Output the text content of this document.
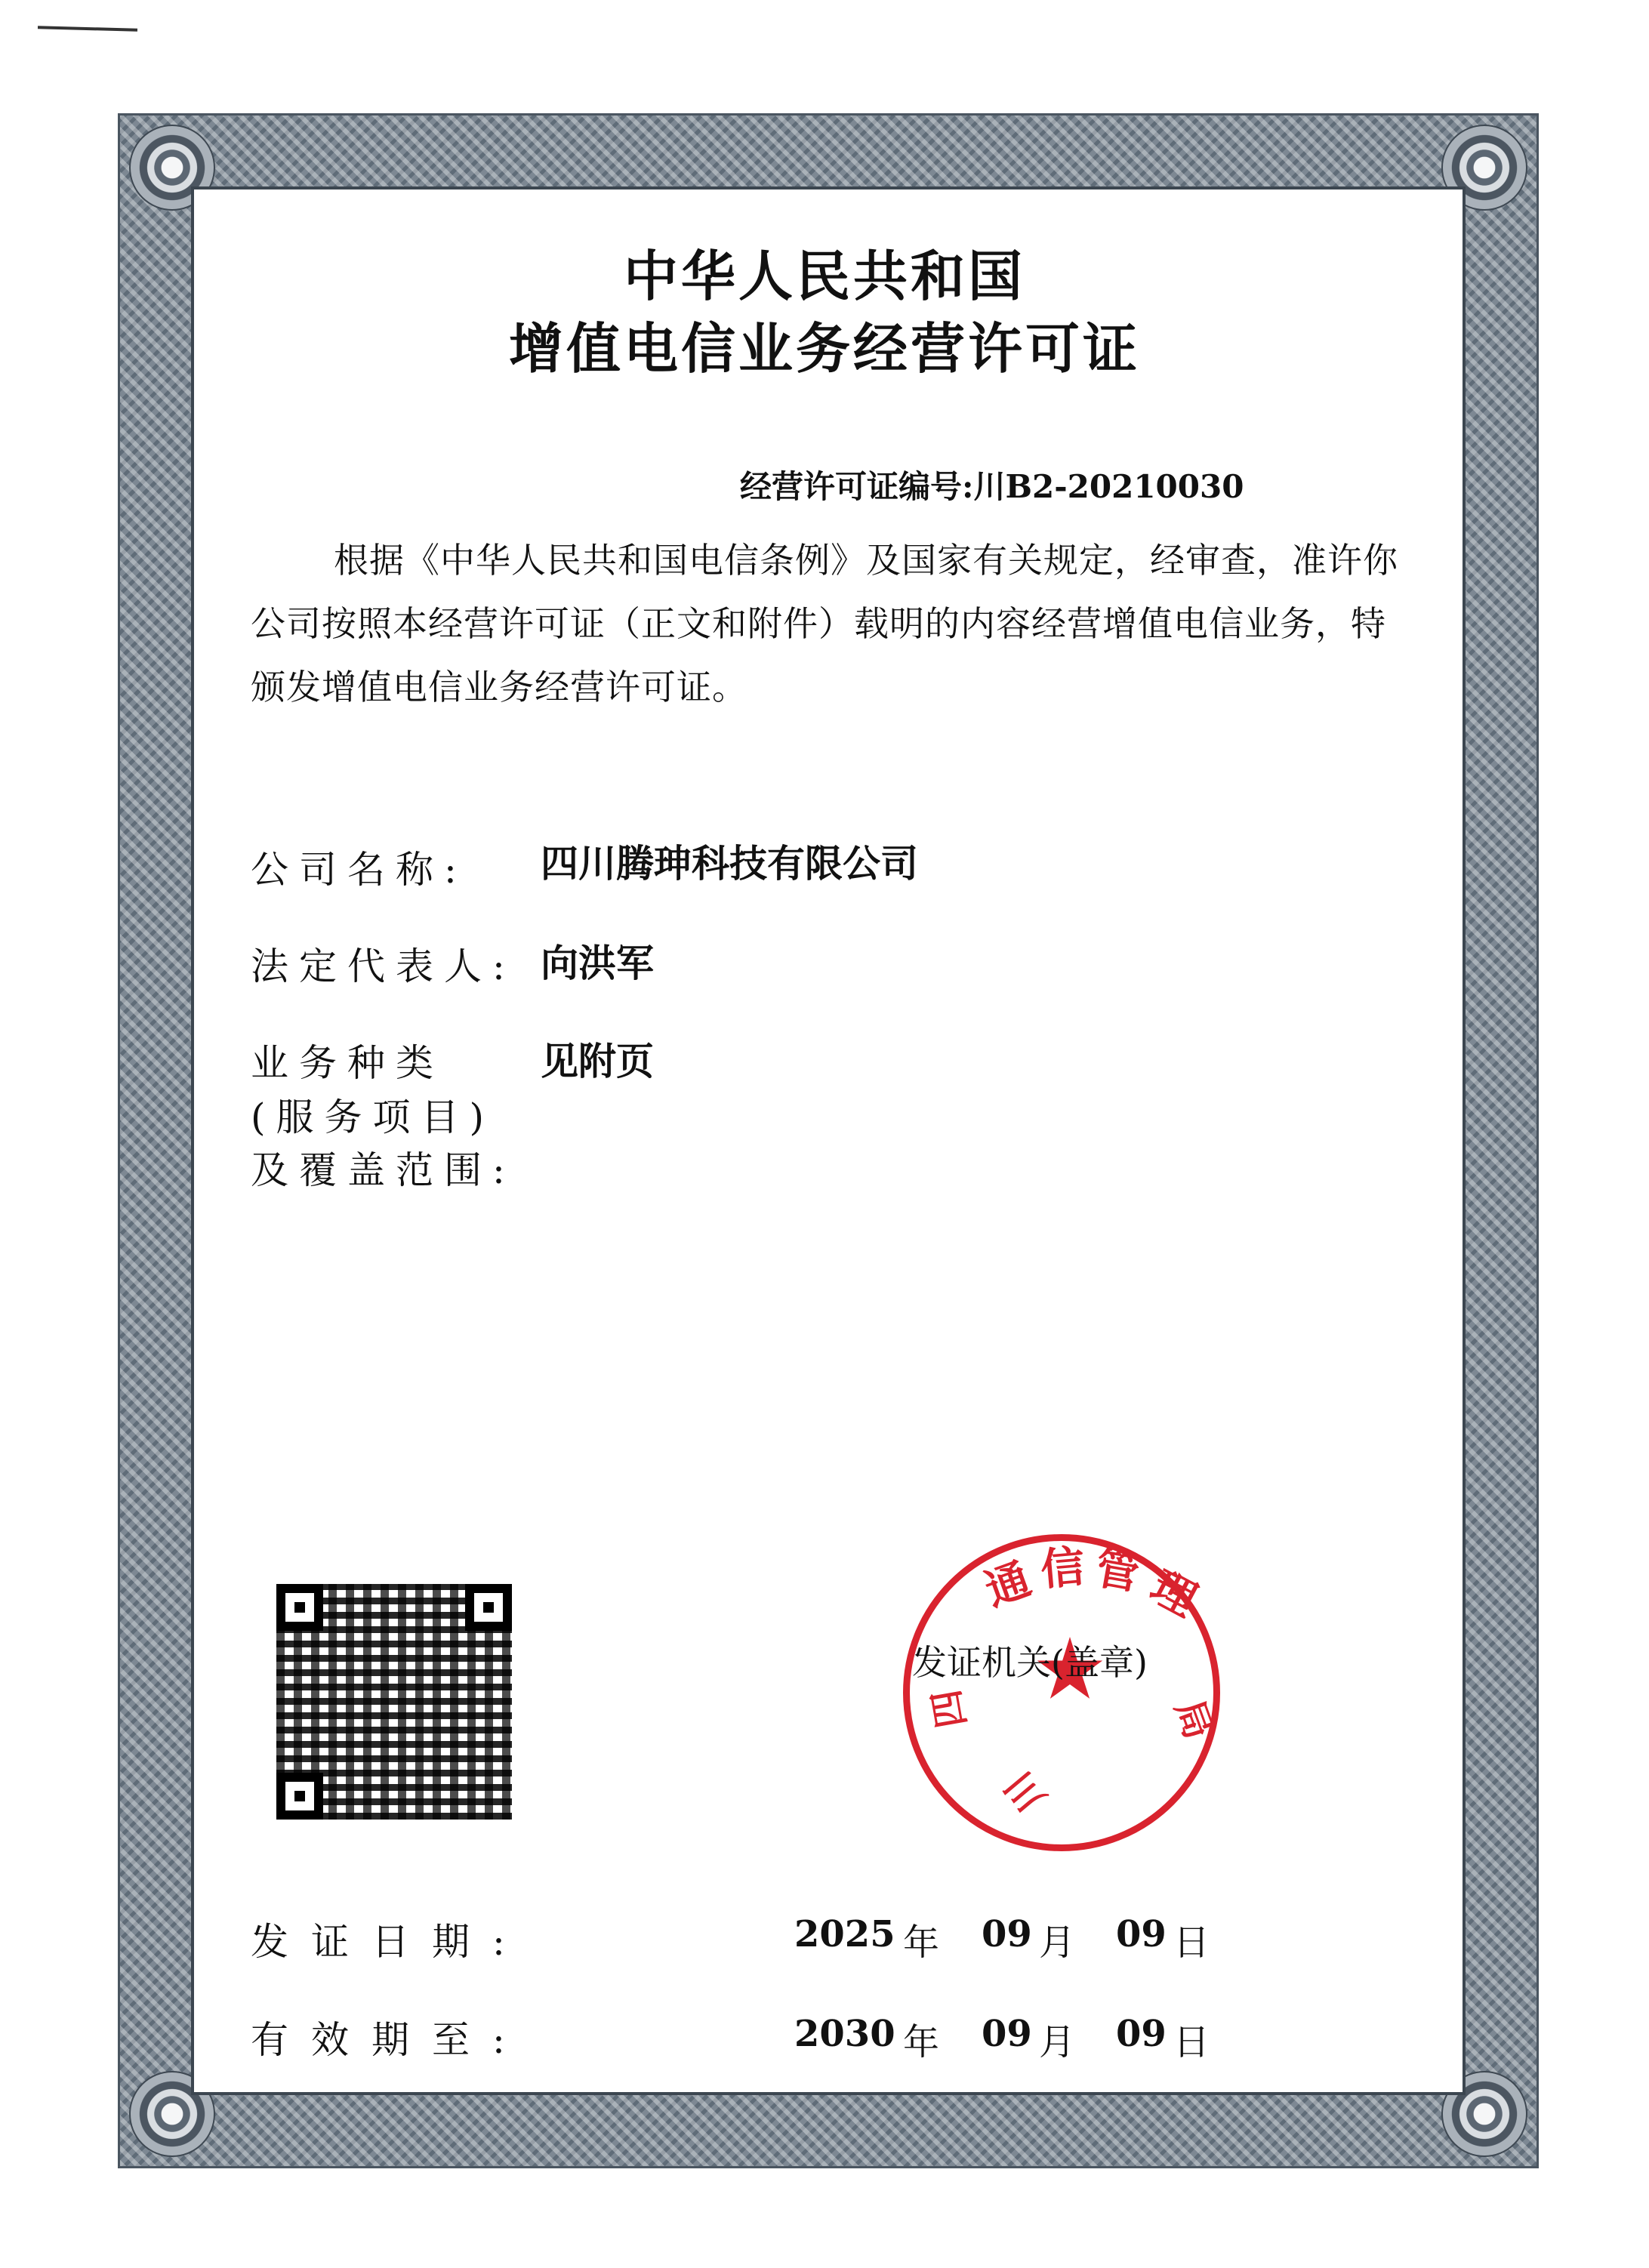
中华人民共和国
增值电信业务经营许可证
经营许可证编号:川B2-20210030
根据《中华人民共和国电信条例》及国家有关规定，经审查，准许你公司按照本经营许可证（正文和附件）载明的内容经营增值电信业务，特颁发增值电信业务经营许可证。
公司名称: 四川腾珅科技有限公司
法定代表人: 向洪军
业务种类
(服务项目)
及覆盖范围:
见附页
通 信 管
理
局
川
四
发证机关(盖章)
发证日期:	2025 年 09 月 09 日
有效期至:	2030 年 09 月 09 日
